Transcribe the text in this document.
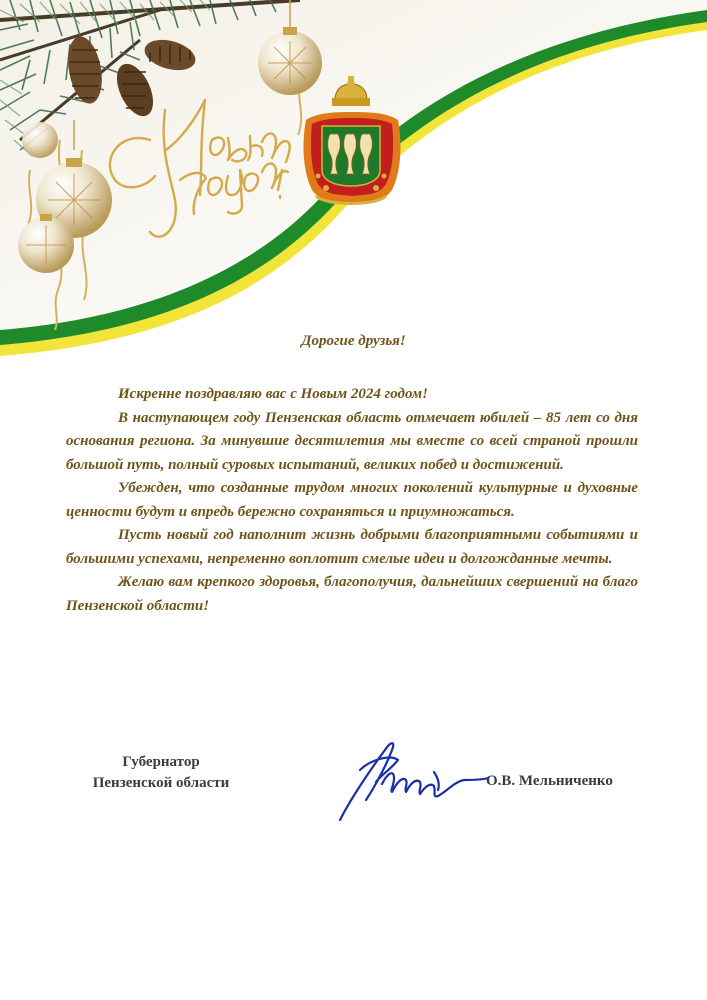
Дорогие друзья!

Искренне поздравляю вас с Новым 2024 годом!

В наступающем году Пензенская область отмечает юбилей – 85 лет со дня основания региона. За минувшие десятилетия мы вместе со всей страной прошли большой путь, полный суровых испытаний, великих побед и достижений.

Убежден, что созданные трудом многих поколений культурные и духовные ценности будут и впредь бережно сохраняться и приумножаться.

Пусть новый год наполнит жизнь добрыми благоприятными событиями и большими успехами, непременно воплотит смелые идеи и долгожданные мечты.

Желаю вам крепкого здоровья, благополучия, дальнейших свершений на благо Пензенской области!

Губернатор
Пензенской области	О.В. Мельниченко
